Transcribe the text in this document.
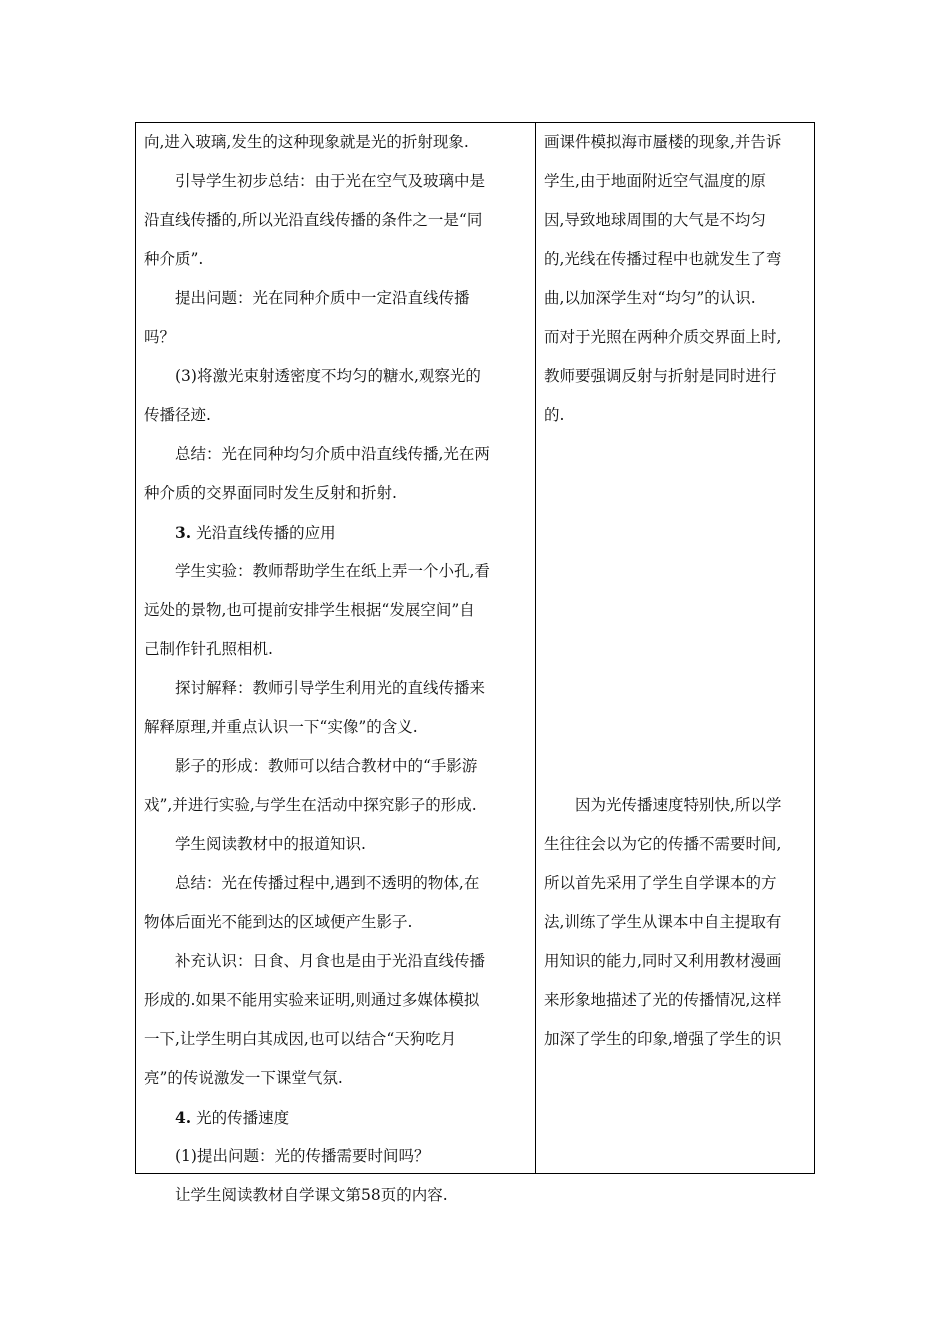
向,进入玻璃,发生的这种现象就是光的折射现象.
引导学生初步总结：由于光在空气及玻璃中是
沿直线传播的,所以光沿直线传播的条件之一是“同
种介质”.
提出问题：光在同种介质中一定沿直线传播
吗？
(3)将激光束射透密度不均匀的糖水,观察光的
传播径迹.
总结：光在同种均匀介质中沿直线传播,光在两
种介质的交界面同时发生反射和折射.
3. 光沿直线传播的应用
学生实验：教师帮助学生在纸上弄一个小孔,看
远处的景物,也可提前安排学生根据“发展空间”自
己制作针孔照相机.
探讨解释：教师引导学生利用光的直线传播来
解释原理,并重点认识一下“实像”的含义.
影子的形成：教师可以结合教材中的“手影游
戏”,并进行实验,与学生在活动中探究影子的形成.
学生阅读教材中的报道知识.
总结：光在传播过程中,遇到不透明的物体,在
物体后面光不能到达的区域便产生影子.
补充认识：日食、月食也是由于光沿直线传播
形成的.如果不能用实验来证明,则通过多媒体模拟
一下,让学生明白其成因,也可以结合“天狗吃月
亮”的传说激发一下课堂气氛.
4. 光的传播速度
(1)提出问题：光的传播需要时间吗？
让学生阅读教材自学课文第58页的内容.
画课件模拟海市蜃楼的现象,并告诉
学生,由于地面附近空气温度的原
因,导致地球周围的大气是不均匀
的,光线在传播过程中也就发生了弯
曲,以加深学生对“均匀”的认识.
而对于光照在两种介质交界面上时,
教师要强调反射与折射是同时进行
的.
因为光传播速度特别快,所以学
生往往会以为它的传播不需要时间,
所以首先采用了学生自学课本的方
法,训练了学生从课本中自主提取有
用知识的能力,同时又利用教材漫画
来形象地描述了光的传播情况,这样
加深了学生的印象,增强了学生的识
